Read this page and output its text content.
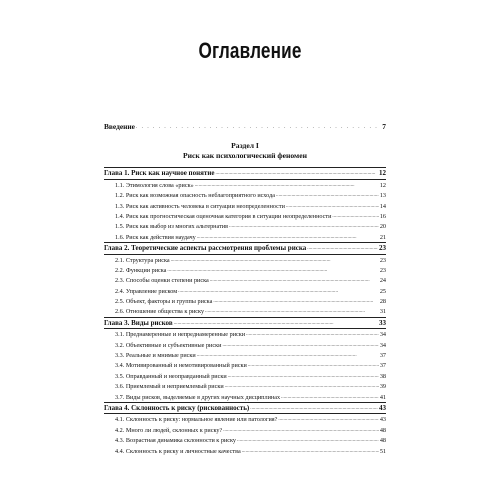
Оглавление
Введение . . .	7
Раздел I
Риск как психологический феномен
Глава 1. Риск как научное понятие . . .	12
1.1. Этимология слова «риск» . . .	12
1.2. Риск как возможная опасность неблагоприятного исхода . . .	13
1.3. Риск как активность человека в ситуации неопределенности . . .	14
1.4. Риск как прогностическая оценочная категория в ситуации неопределенности . . .	16
1.5. Риск как выбор из многих альтернатив . . .	20
1.6. Риск как действия наудачу . . .	21
Глава 2. Теоретические аспекты рассмотрения проблемы риска . . .	23
2.1. Структура риска . . .	23
2.2. Функции риска . . .	23
2.3. Способы оценки степени риска . . .	24
2.4. Управление риском . . .	25
2.5. Объект, факторы и группы риска . . .	28
2.6. Отношение общества к риску . . .	31
Глава 3. Виды рисков . . .	33
3.1. Преднамеренные и непреднамеренные риски . . .	34
3.2. Объективные и субъективные риски . . .	34
3.3. Реальные и мнимые риски . . .	37
3.4. Мотивированный и немотивированный риски . . .	37
3.5. Оправданный и неоправданный риски . . .	38
3.6. Приемлемый и неприемлемый риски . . .	39
3.7. Виды рисков, выделяемые в других научных дисциплинах . . .	41
Глава 4. Склонность к риску (рискованность) . . .	43
4.1. Склонность к риску: нормальное явление или патология? . . .	43
4.2. Много ли людей, склонных к риску? . . .	48
4.3. Возрастная динамика склонности к риску . . .	48
4.4. Склонность к риску и личностные качества . . .	51
